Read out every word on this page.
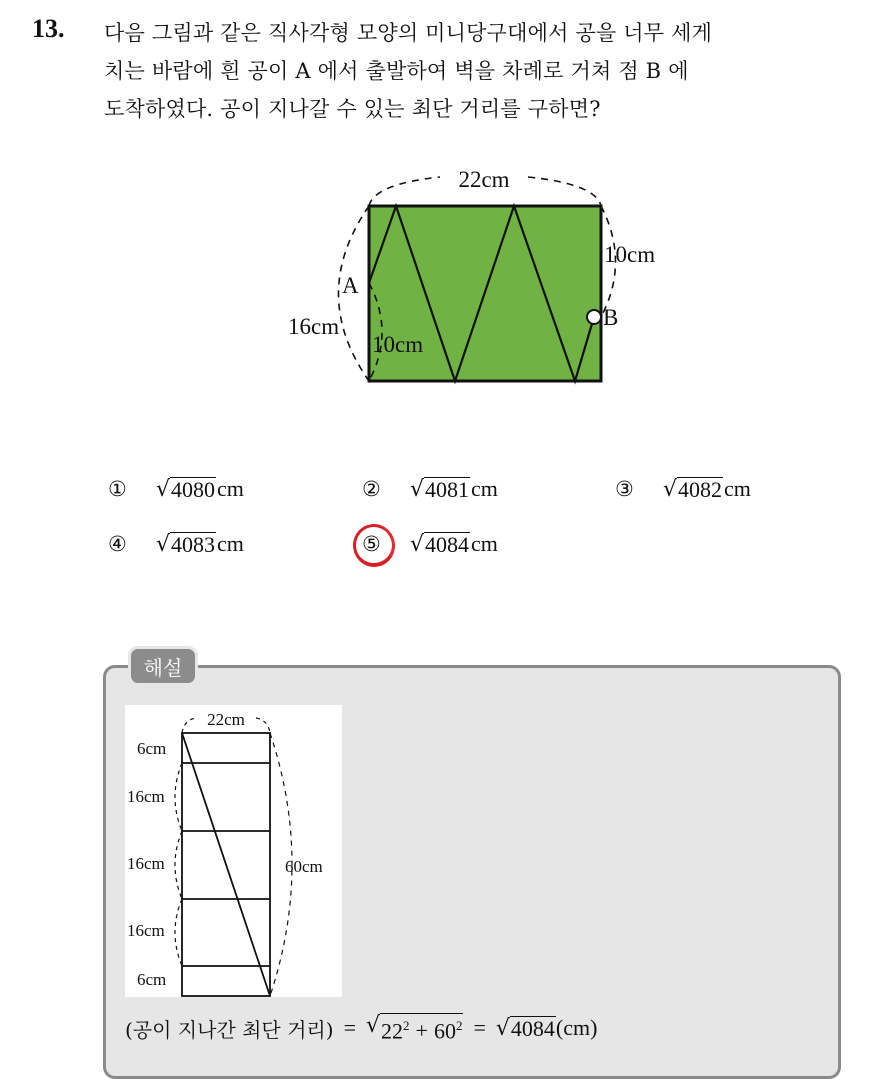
13. 다음 그림과 같은 직사각형 모양의 미니당구대에서 공을 너무 세게
치는 바람에 흰 공이 A 에서 출발하여 벽을 차례로 거쳐 점 B 에
도착하였다. 공이 지나갈 수 있는 최단 거리를 구하면?
22cm
10cm
A
B
16cm
10cm
①	√ 4080 cm	②	√ 4081 cm	③	√ 4082 cm
④	√ 4083 cm	⑤	√ 4084 cm
해설
22cm
6cm
16cm
16cm
16cm
6cm
60cm
(공이 지나간 최단 거리) = √ $22^2 + 60^2$ = √ 4084 (cm)
